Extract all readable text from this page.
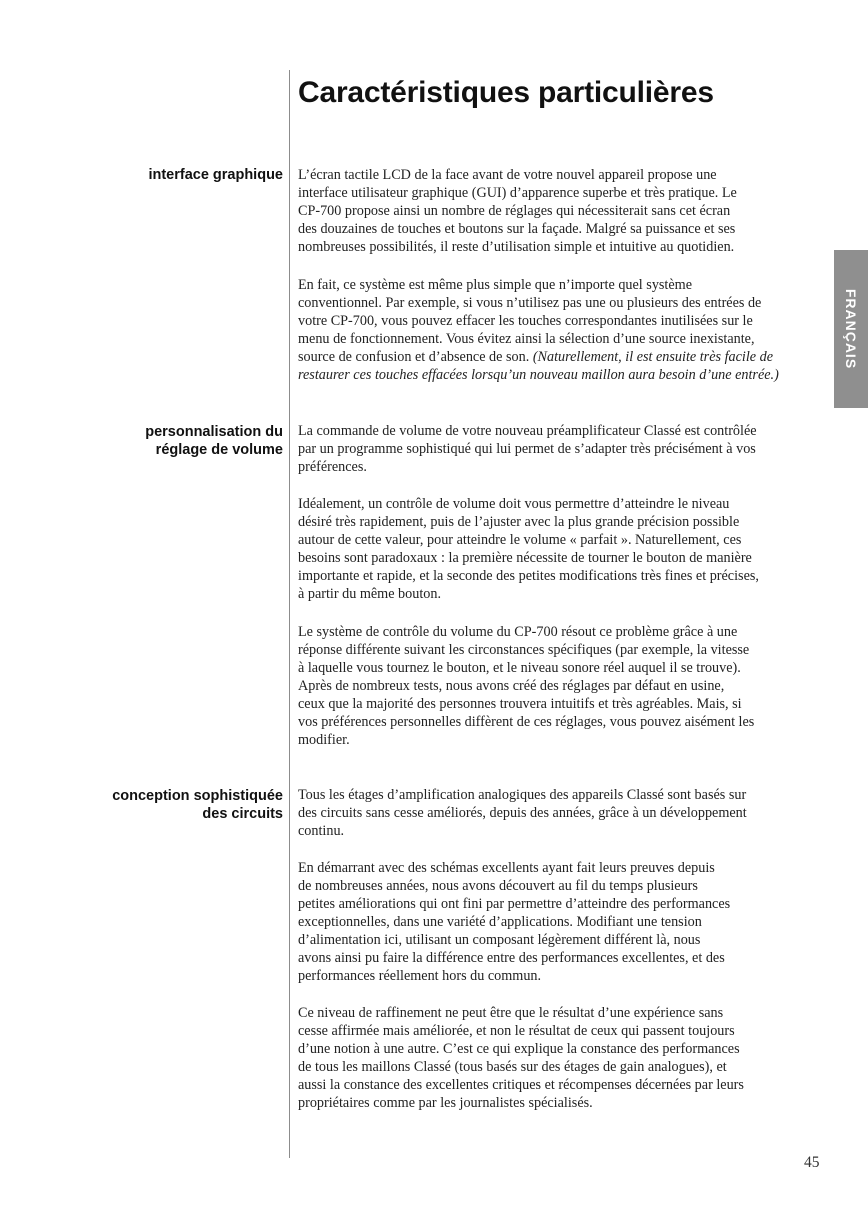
Caractéristiques particulières
interface graphique L’écran tactile LCD de la face avant de votre nouvel appareil propose une
interface utilisateur graphique (GUI) d’apparence superbe et très pratique. Le
CP-700 propose ainsi un nombre de réglages qui nécessiterait sans cet écran
des douzaines de touches et boutons sur la façade. Malgré sa puissance et ses
nombreuses possibilités, il reste d’utilisation simple et intuitive au quotidien.
En fait, ce système est même plus simple que n’importe quel système
conventionnel. Par exemple, si vous n’utilisez pas une ou plusieurs des entrées de
votre CP-700, vous pouvez effacer les touches correspondantes inutilisées sur le
menu de fonctionnement. Vous évitez ainsi la sélection d’une source inexistante,
source de confusion et d’absence de son. (Naturellement, il est ensuite très facile de
restaurer ces touches effacées lorsqu’un nouveau maillon aura besoin d’une entrée.)
personnalisation du
réglage de volume
La commande de volume de votre nouveau préamplificateur Classé est contrôlée
par un programme sophistiqué qui lui permet de s’adapter très précisément à vos
préférences.
Idéalement, un contrôle de volume doit vous permettre d’atteindre le niveau
désiré très rapidement, puis de l’ajuster avec la plus grande précision possible
autour de cette valeur, pour atteindre le volume « parfait ». Naturellement, ces
besoins sont paradoxaux : la première nécessite de tourner le bouton de manière
importante et rapide, et la seconde des petites modifications très fines et précises,
à partir du même bouton.
Le système de contrôle du volume du CP-700 résout ce problème grâce à une
réponse différente suivant les circonstances spécifiques (par exemple, la vitesse
à laquelle vous tournez le bouton, et le niveau sonore réel auquel il se trouve).
Après de nombreux tests, nous avons créé des réglages par défaut en usine,
ceux que la majorité des personnes trouvera intuitifs et très agréables. Mais, si
vos préférences personnelles diffèrent de ces réglages, vous pouvez aisément les
modifier.
conception sophistiquée
des circuits
Tous les étages d’amplification analogiques des appareils Classé sont basés sur
des circuits sans cesse améliorés, depuis des années, grâce à un développement
continu.
En démarrant avec des schémas excellents ayant fait leurs preuves depuis
de nombreuses années, nous avons découvert au fil du temps plusieurs
petites améliorations qui ont fini par permettre d’atteindre des performances
exceptionnelles, dans une variété d’applications. Modifiant une tension
d’alimentation ici, utilisant un composant légèrement différent là, nous
avons ainsi pu faire la différence entre des performances excellentes, et des
performances réellement hors du commun.
Ce niveau de raffinement ne peut être que le résultat d’une expérience sans
cesse affirmée mais améliorée, et non le résultat de ceux qui passent toujours
d’une notion à une autre. C’est ce qui explique la constance des performances
de tous les maillons Classé (tous basés sur des étages de gain analogues), et
aussi la constance des excellentes critiques et récompenses décernées par leurs
propriétaires comme par les journalistes spécialisés.
FRANÇAIS
45
